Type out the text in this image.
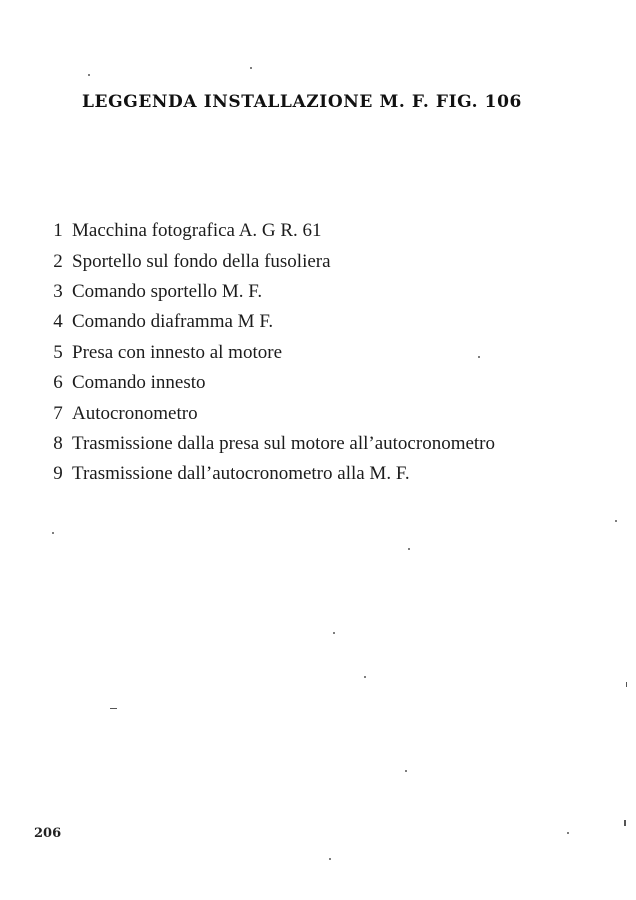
LEGGENDA INSTALLAZIONE M. F. FIG. 106
1 Macchina fotografica A. G R. 61
2 Sportello sul fondo della fusoliera
3 Comando sportello M. F.
4 Comando diaframma M F.
5 Presa con innesto al motore
6 Comando innesto
7 Autocronometro
8 Trasmissione dalla presa sul motore all’autocronometro
9 Trasmissione dall’autocronometro alla M. F.
206
